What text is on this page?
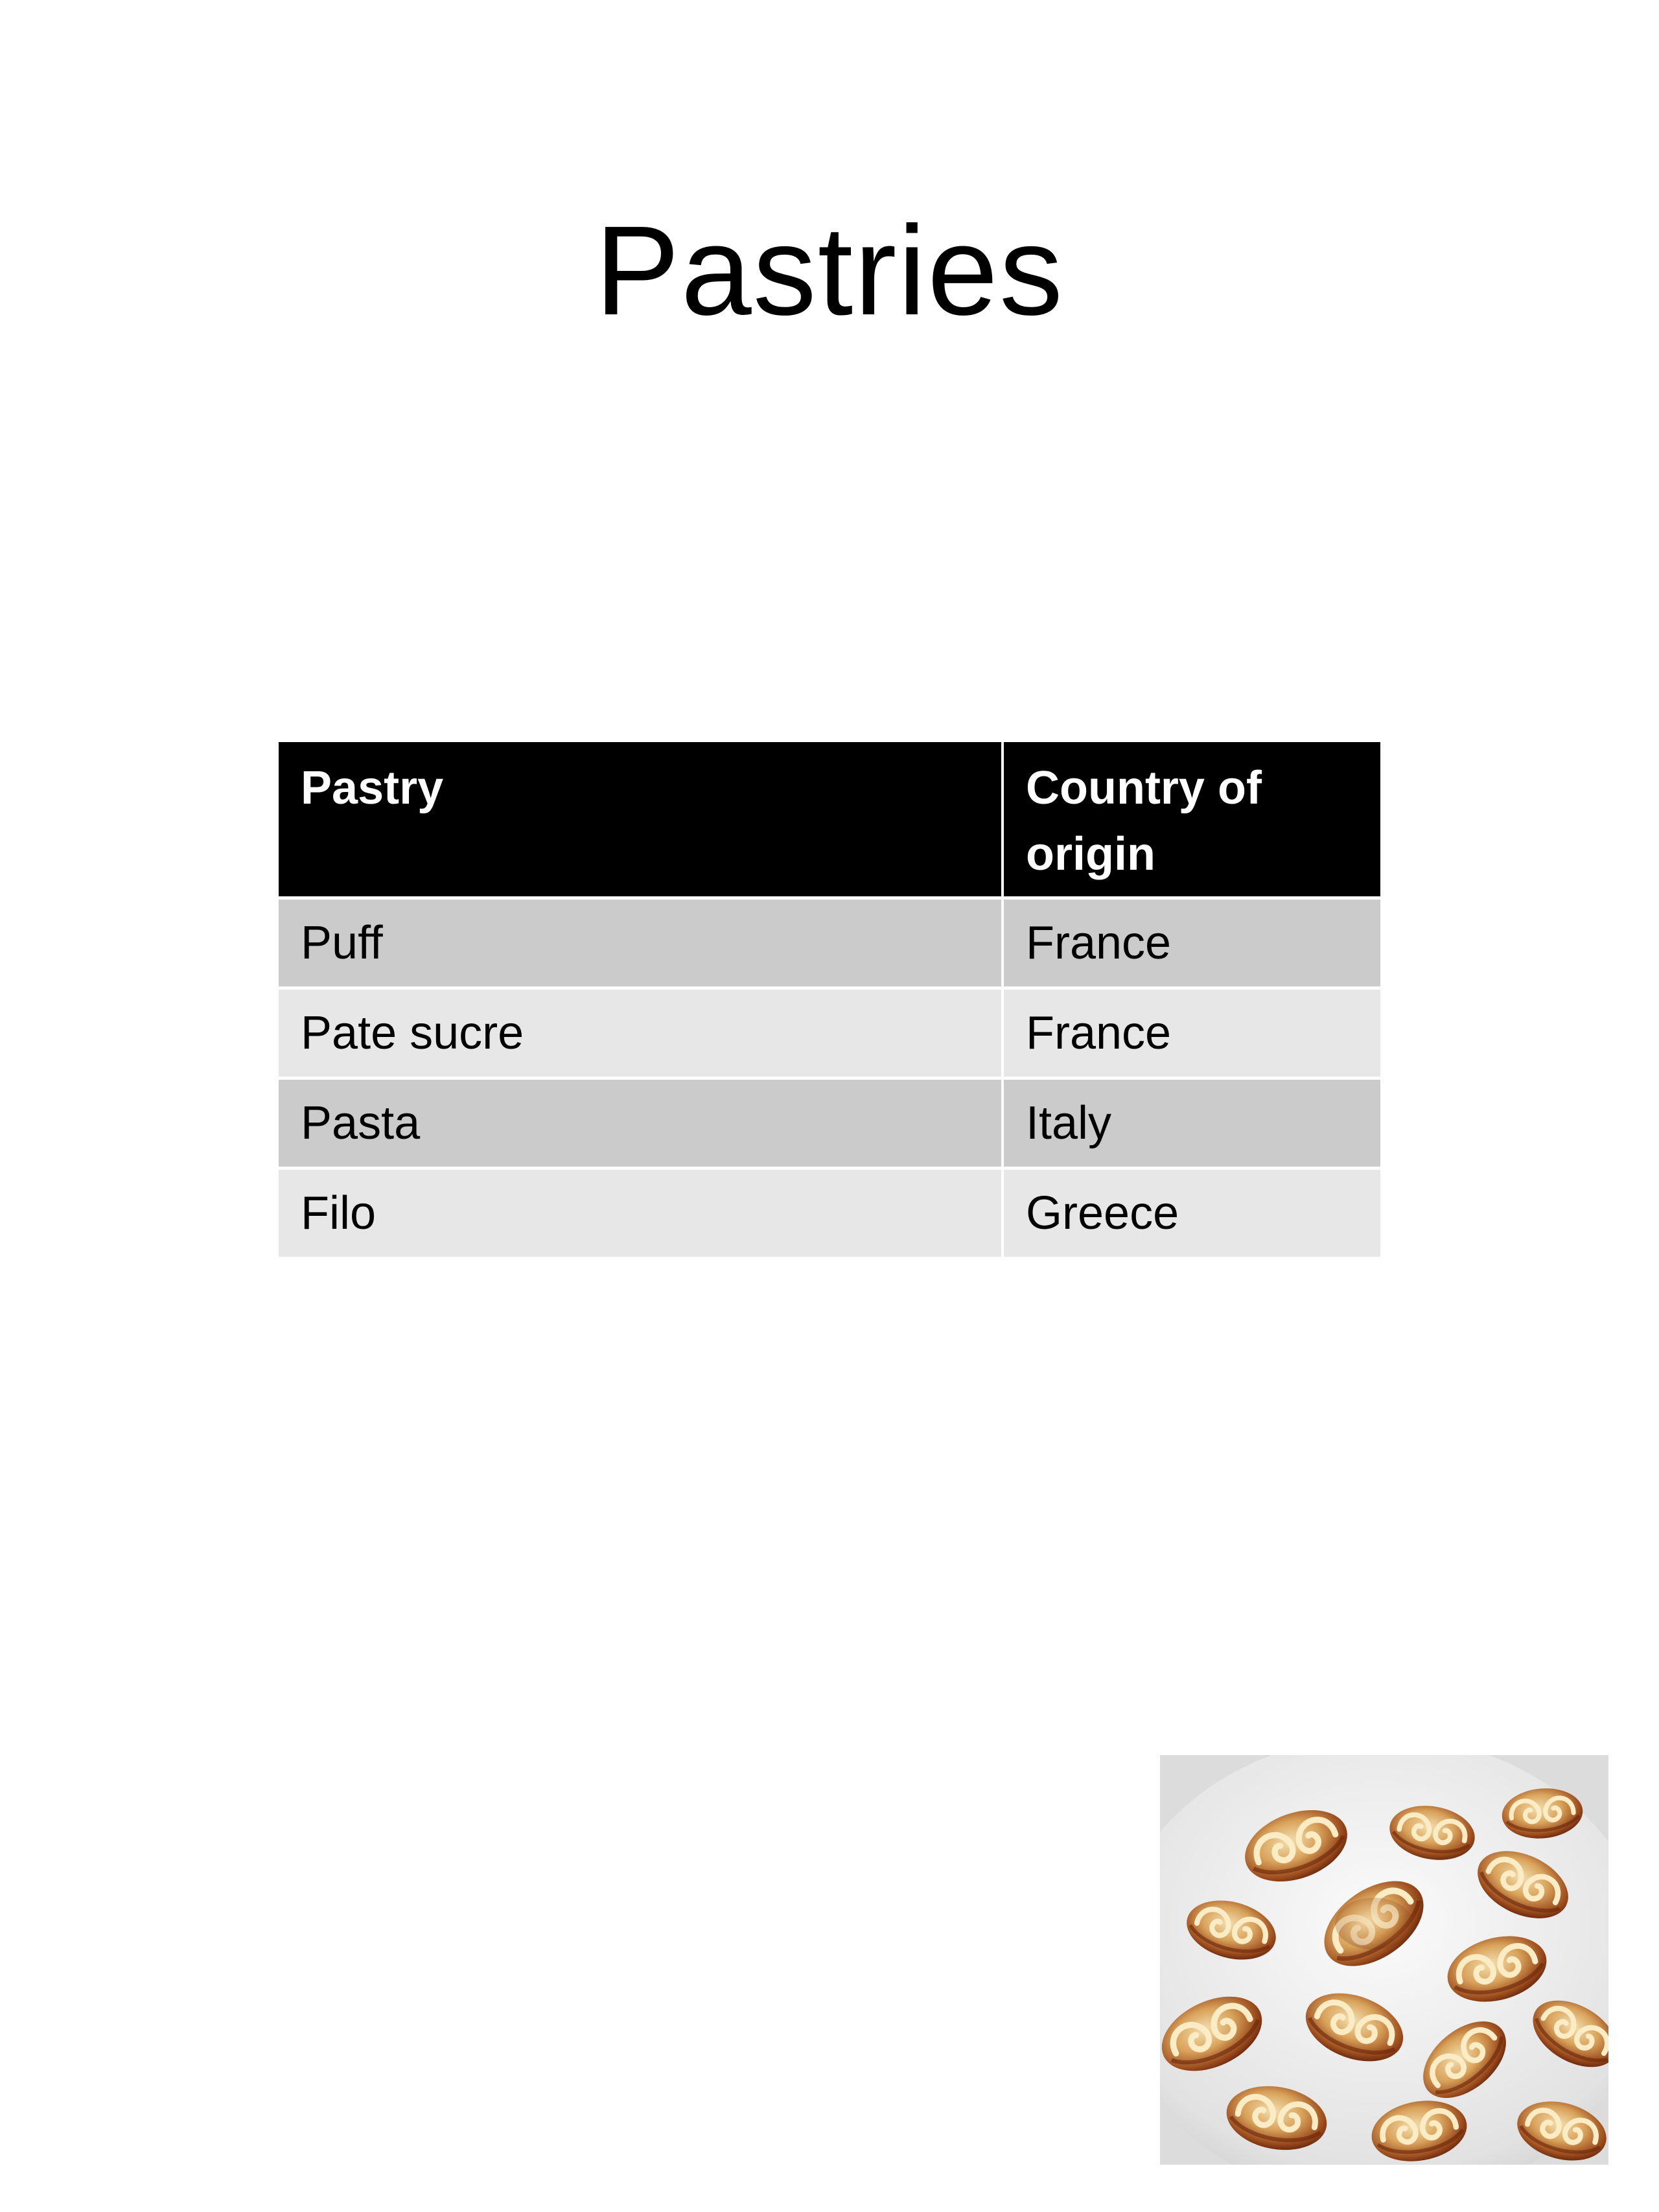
Pastries
Pastry	Country of origin
Puff	France
Pate sucre	France
Pasta	Italy
Filo	Greece
